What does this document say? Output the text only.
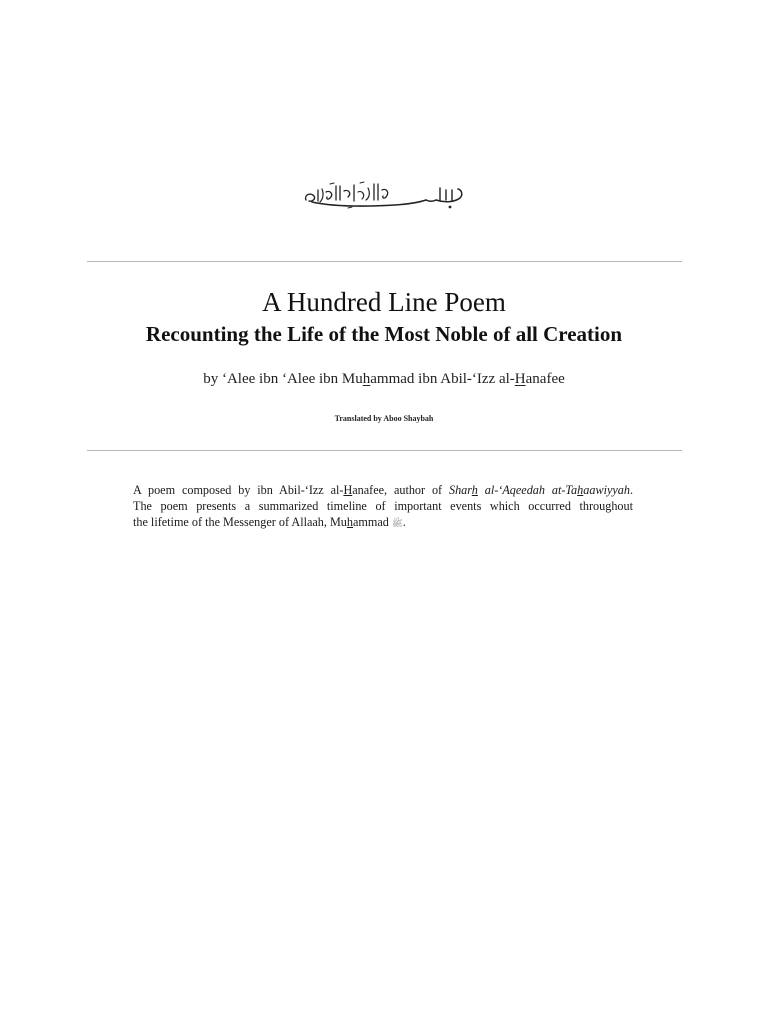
A Hundred Line Poem
Recounting the Life of the Most Noble of all Creation
by ‘Alee ibn ‘Alee ibn Muhammad ibn Abil-‘Izz al-Hanafee
Translated by Aboo Shaybah
A poem composed by ibn Abil-‘Izz al-Hanafee, author of Sharh al-‘Aqeedah at-Tahaawiyyah.
The poem presents a summarized timeline of important events which occurred throughout
the lifetime of the Messenger of Allaah, Muhammad ﷺ.
